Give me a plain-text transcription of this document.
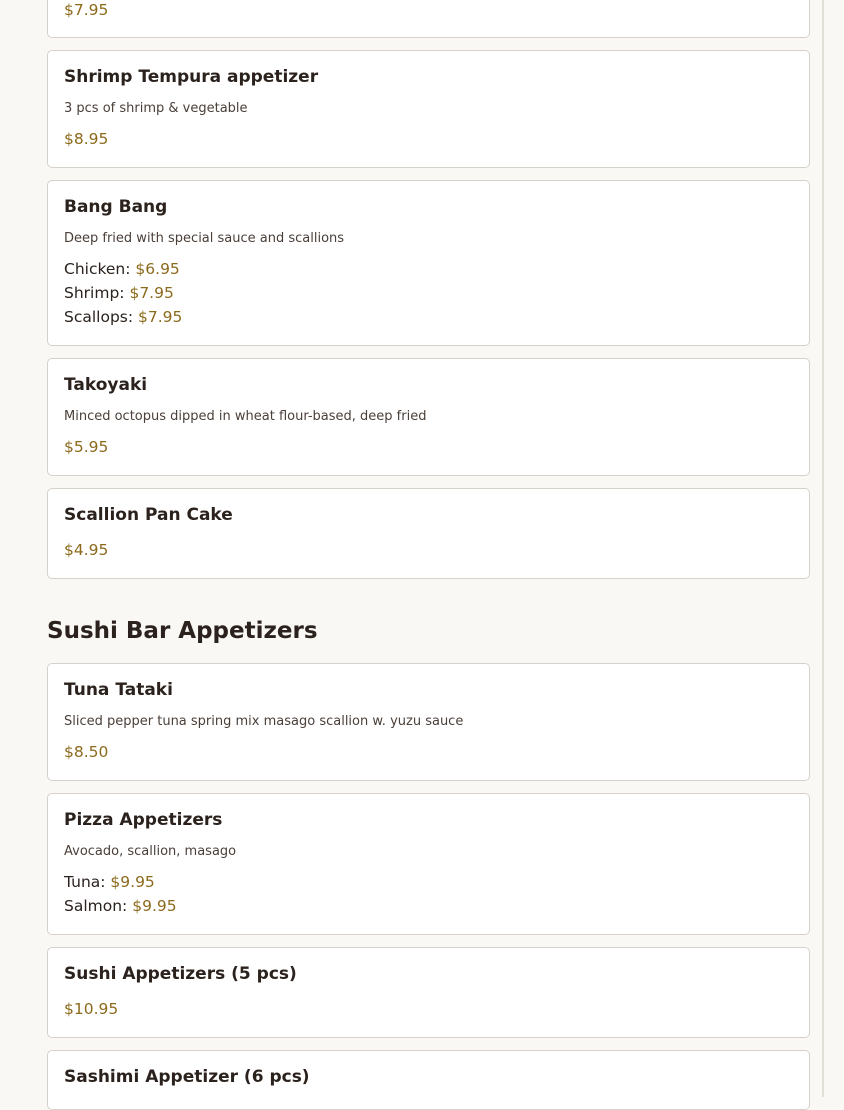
$7.95
Shrimp Tempura appetizer
3 pcs of shrimp & vegetable
$8.95
Bang Bang
Deep fried with special sauce and scallions
Chicken: $6.95
Shrimp: $7.95
Scallops: $7.95
Takoyaki
Minced octopus dipped in wheat flour-based, deep fried
$5.95
Scallion Pan Cake
$4.95
Sushi Bar Appetizers
Tuna Tataki
Sliced pepper tuna spring mix masago scallion w. yuzu sauce
$8.50
Pizza Appetizers
Avocado, scallion, masago
Tuna: $9.95
Salmon: $9.95
Sushi Appetizers (5 pcs)
$10.95
Sashimi Appetizer (6 pcs)
